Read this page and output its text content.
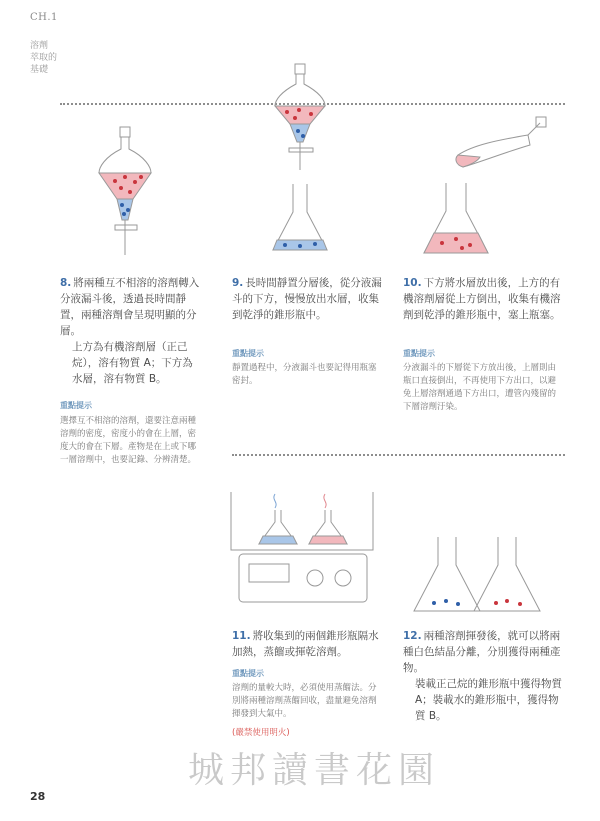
CH.1
溶劑
萃取的
基礎
8. 將兩種互不相溶的溶劑轉入分液漏斗後，透過長時間靜置，兩種溶劑會呈現明顯的分層。
上方為有機溶劑層（正己烷），溶有物質 A；下方為水層，溶有物質 B。
重點提示
選擇互不相溶的溶劑，還要注意兩種溶劑的密度，密度小的會在上層，密度大的會在下層。產物是在上或下哪一層溶劑中，也要記錄、分辨清楚。
9. 長時間靜置分層後，從分液漏斗的下方，慢慢放出水層，收集到乾淨的錐形瓶中。
重點提示
靜置過程中，分液漏斗也要記得用瓶塞密封。
10. 下方將水層放出後，上方的有機溶劑層從上方倒出，收集有機溶劑到乾淨的錐形瓶中，塞上瓶塞。
重點提示
分液漏斗的下層從下方放出後，上層則由瓶口直接倒出，不再使用下方出口，以避免上層溶劑通過下方出口，遭管內殘留的下層溶劑汙染。
11. 將收集到的兩個錐形瓶隔水加熱，蒸餾或揮乾溶劑。
重點提示
溶劑的量較大時，必須使用蒸餾法。分別將兩種溶劑蒸餾回收，盡量避免溶劑揮發到大氣中。
(嚴禁使用明火)
12. 兩種溶劑揮發後，就可以將兩種白色結晶分離，分別獲得兩種產物。
裝載正己烷的錐形瓶中獲得物質 A；裝載水的錐形瓶中，獲得物質 B。
城邦讀書花園
28
